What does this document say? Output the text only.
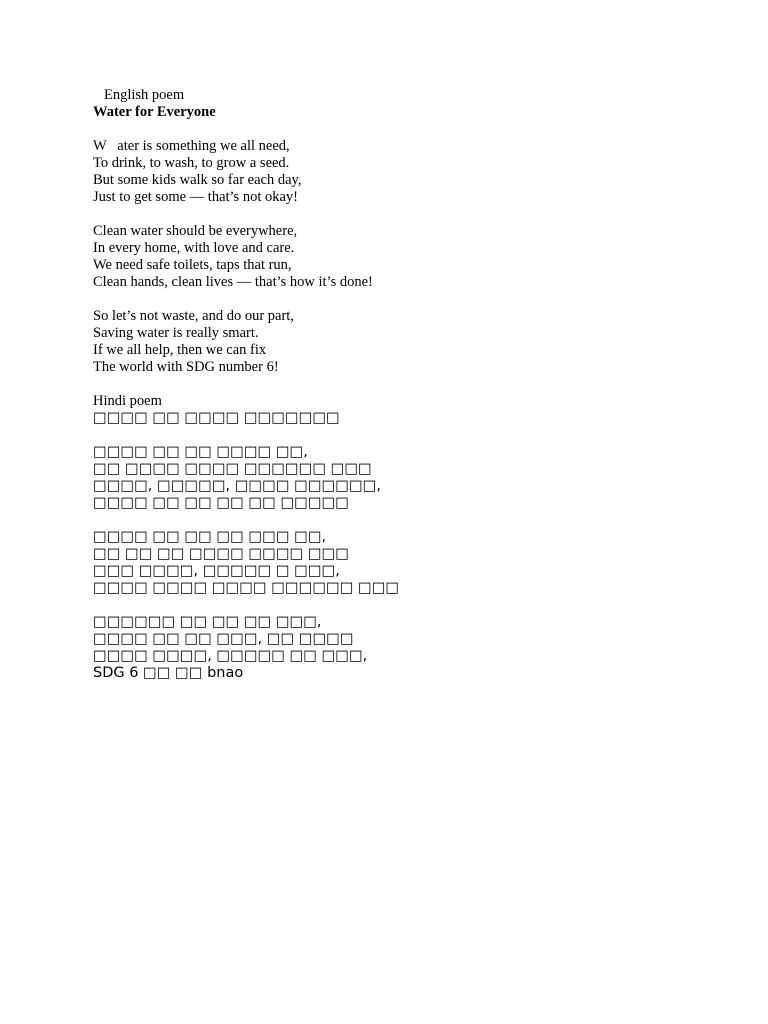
English poem
Water for Everyone
W   ater is something we all need,
To drink, to wash, to grow a seed.
But some kids walk so far each day,
Just to get some — that’s not okay!
Clean water should be everywhere,
In every home, with love and care.
We need safe toilets, taps that run,
Clean hands, clean lives — that’s how it’s done!
So let’s not waste, and do our part,
Saving water is really smart.
If we all help, then we can fix
The world with SDG number 6!
Hindi poem
□□□□ □□ □□□□ □□□□□□□
□□□□ □□ □□ □□□□ □□,
□□ □□□□ □□□□ □□□□□□ □□□
□□□□, □□□□□, □□□□ □□□□□□,
□□□□ □□ □□ □□ □□ □□□□□
□□□□ □□ □□ □□ □□□ □□,
□□ □□ □□ □□□□ □□□□ □□□
□□□ □□□□, □□□□□ □ □□□,
□□□□ □□□□ □□□□ □□□□□□ □□□
□□□□□□ □□ □□ □□ □□□,
□□□□ □□ □□ □□□, □□ □□□□
□□□□ □□□□, □□□□□ □□ □□□,
SDG 6 □□ □□ bnao
